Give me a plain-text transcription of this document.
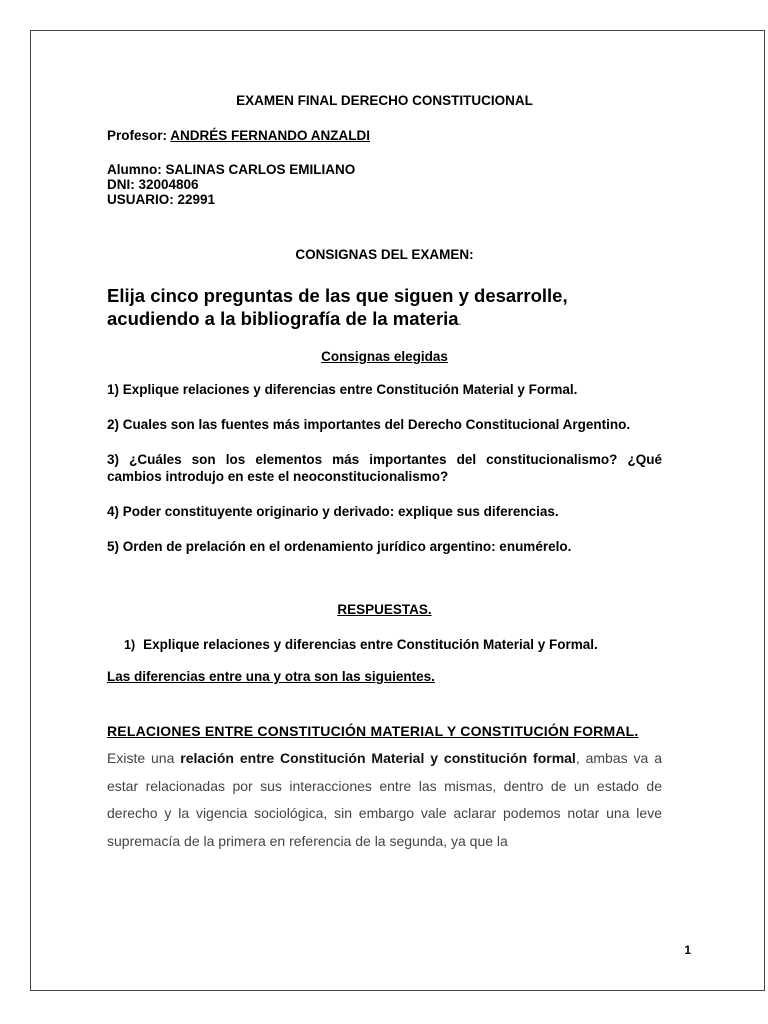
EXAMEN FINAL DERECHO CONSTITUCIONAL

Profesor: ANDRÉS FERNANDO ANZALDI

Alumno: SALINAS CARLOS EMILIANO

DNI: 32004806

USUARIO: 22991

CONSIGNAS DEL EXAMEN:

Elija cinco preguntas de las que siguen y desarrolle, acudiendo a la bibliografía de la materia.

Consignas elegidas

1) Explique relaciones y diferencias entre Constitución Material y Formal.

2) Cuales son las fuentes más importantes del Derecho Constitucional Argentino.

3) ¿Cuáles son los elementos más importantes del constitucionalismo? ¿Qué cambios introdujo en este el neoconstitucionalismo?

4) Poder constituyente originario y derivado: explique sus diferencias.

5) Orden de prelación en el ordenamiento jurídico argentino: enumérelo.

RESPUESTAS.

1) Explique relaciones y diferencias entre Constitución Material y Formal.

Las diferencias entre una y otra son las siguientes.

RELACIONES ENTRE CONSTITUCIÓN MATERIAL Y CONSTITUCIÓN FORMAL.

Existe una relación entre Constitución Material y constitución formal, ambas va a estar relacionadas por sus interacciones entre las mismas, dentro de un estado de derecho y la vigencia sociológica, sin embargo vale aclarar podemos notar una leve supremacía de la primera en referencia de la segunda, ya que la

1
